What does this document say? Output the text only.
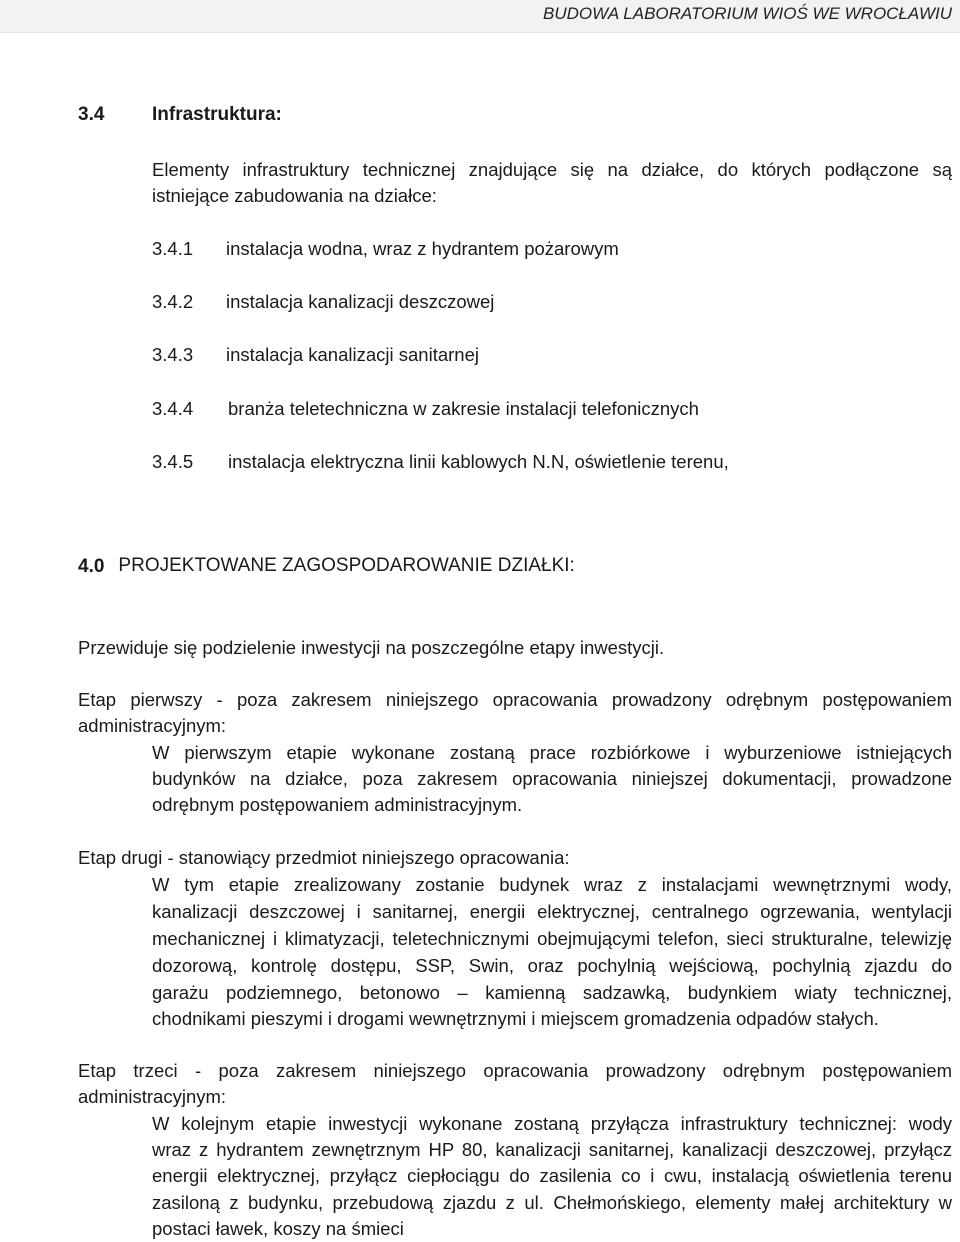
BUDOWA LABORATORIUM WIOŚ WE WROCŁAWIU
3.4	Infrastruktura:
Elementy infrastruktury technicznej znajdujące się na działce, do których podłączone są
istniejące zabudowania na działce:
3.4.1 instalacja wodna, wraz z hydrantem pożarowym
3.4.2 instalacja kanalizacji deszczowej
3.4.3 instalacja kanalizacji sanitarnej
3.4.4 branża teletechniczna w zakresie instalacji telefonicznych
3.4.5 instalacja elektryczna linii kablowych N.N, oświetlenie terenu,
4.0 PROJEKTOWANE ZAGOSPODAROWANIE DZIAŁKI:
Przewiduje się podzielenie inwestycji na poszczególne etapy inwestycji.
Etap pierwszy - poza zakresem niniejszego opracowania prowadzony odrębnym postępowaniem
administracyjnym:
W pierwszym etapie wykonane zostaną prace rozbiórkowe i wyburzeniowe istniejących
budynków na działce, poza zakresem opracowania niniejszej dokumentacji, prowadzone
odrębnym postępowaniem administracyjnym.
Etap drugi - stanowiący przedmiot niniejszego opracowania:
W tym etapie zrealizowany zostanie budynek wraz z instalacjami wewnętrznymi wody,
kanalizacji deszczowej i sanitarnej, energii elektrycznej, centralnego ogrzewania, wentylacji
mechanicznej i klimatyzacji, teletechnicznymi obejmującymi telefon, sieci strukturalne, telewizję
dozorową, kontrolę dostępu, SSP, Swin, oraz pochylnią wejściową, pochylnią zjazdu do
garażu podziemnego, betonowo – kamienną sadzawką, budynkiem wiaty technicznej,
chodnikami pieszymi i drogami wewnętrznymi i miejscem gromadzenia odpadów stałych.
Etap trzeci - poza zakresem niniejszego opracowania prowadzony odrębnym postępowaniem
administracyjnym:
W kolejnym etapie inwestycji wykonane zostaną przyłącza infrastruktury technicznej: wody
wraz z hydrantem zewnętrznym HP 80, kanalizacji sanitarnej, kanalizacji deszczowej, przyłącz
energii elektrycznej, przyłącz ciepłociągu do zasilenia co i cwu, instalacją oświetlenia terenu
zasiloną z budynku, przebudową zjazdu z ul. Chełmońskiego, elementy małej architektury w
postaci ławek, koszy na śmieci
